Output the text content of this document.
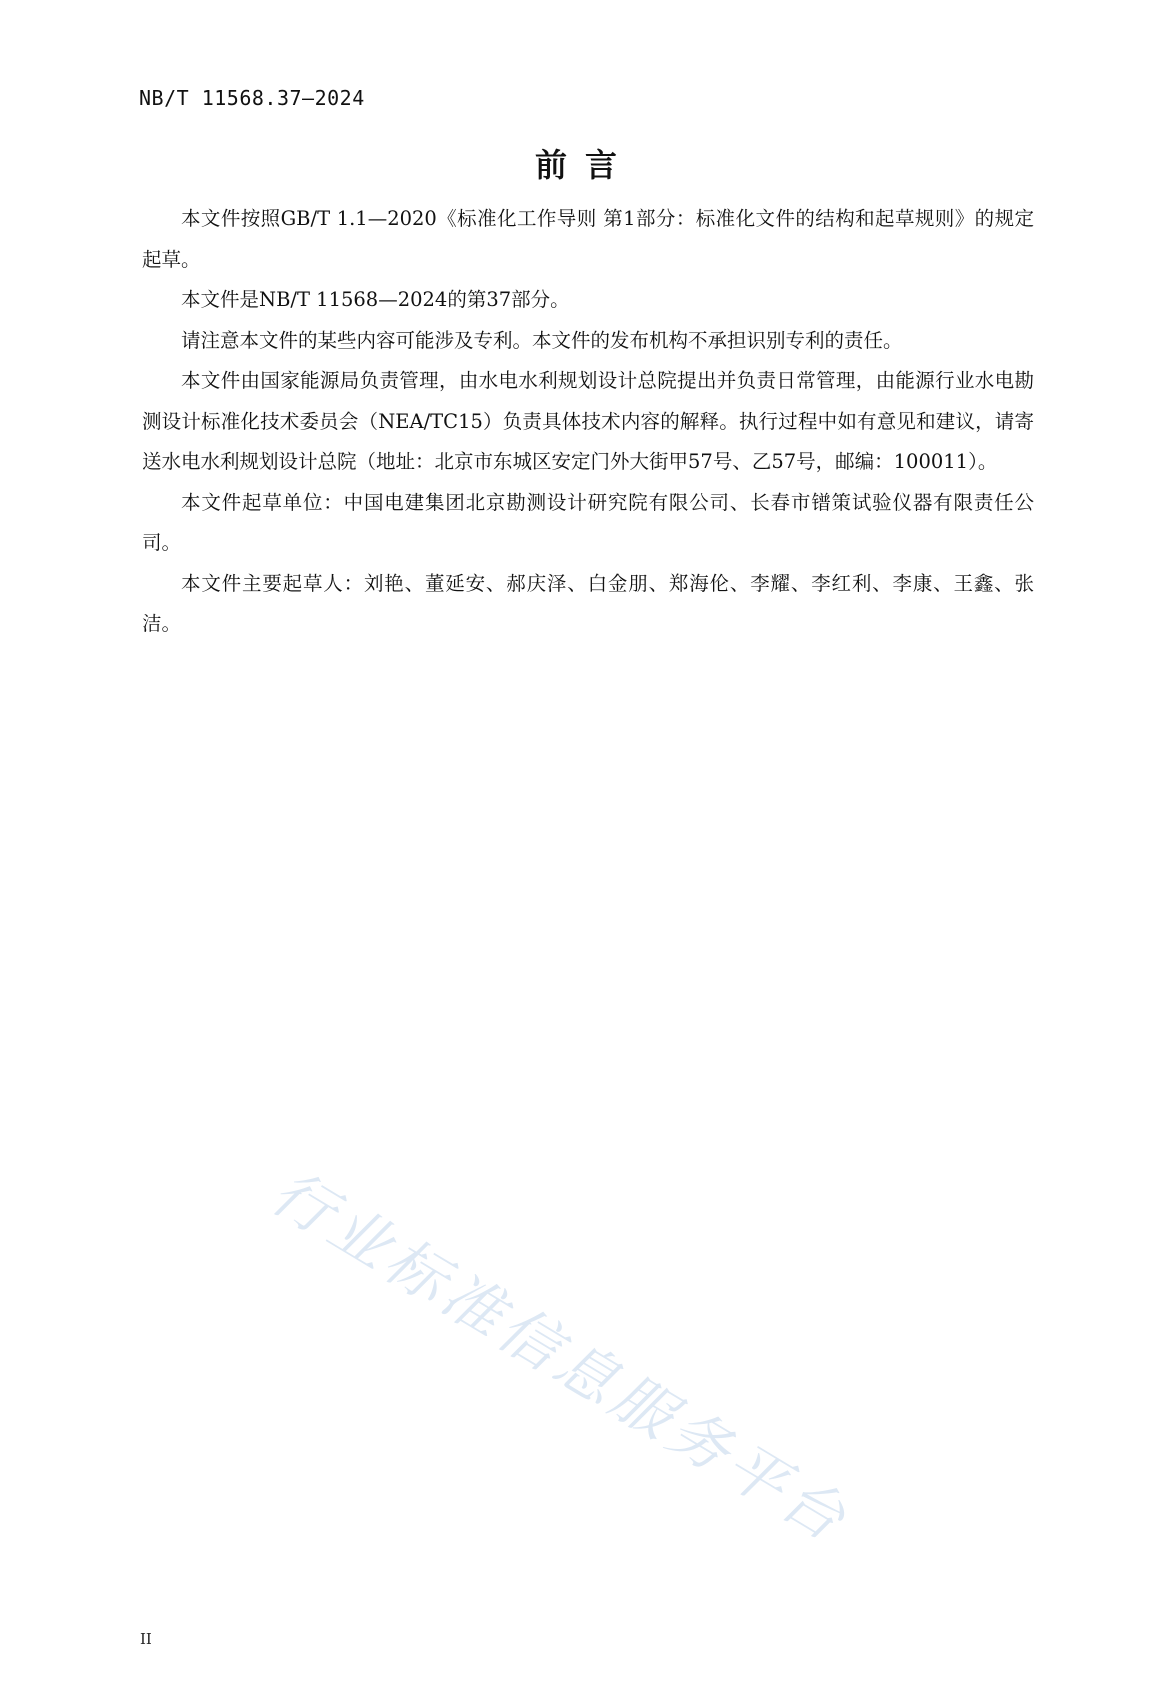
NB/T 11568.37—2024
前言

本文件按照GB/T 1.1—2020《标准化工作导则 第1部分：标准化文件的结构和起草规则》的规定起草。

本文件是NB/T 11568—2024的第37部分。

请注意本文件的某些内容可能涉及专利。本文件的发布机构不承担识别专利的责任。

本文件由国家能源局负责管理，由水电水利规划设计总院提出并负责日常管理，由能源行业水电勘测设计标准化技术委员会（NEA/TC15）负责具体技术内容的解释。执行过程中如有意见和建议，请寄送水电水利规划设计总院（地址：北京市东城区安定门外大街甲57号、乙57号，邮编：100011）。

本文件起草单位：中国电建集团北京勘测设计研究院有限公司、长春市镨策试验仪器有限责任公司。

本文件主要起草人：刘艳、董延安、郝庆泽、白金朋、郑海伦、李耀、李红利、李康、王鑫、张洁。

行业标准信息服务平台
II
